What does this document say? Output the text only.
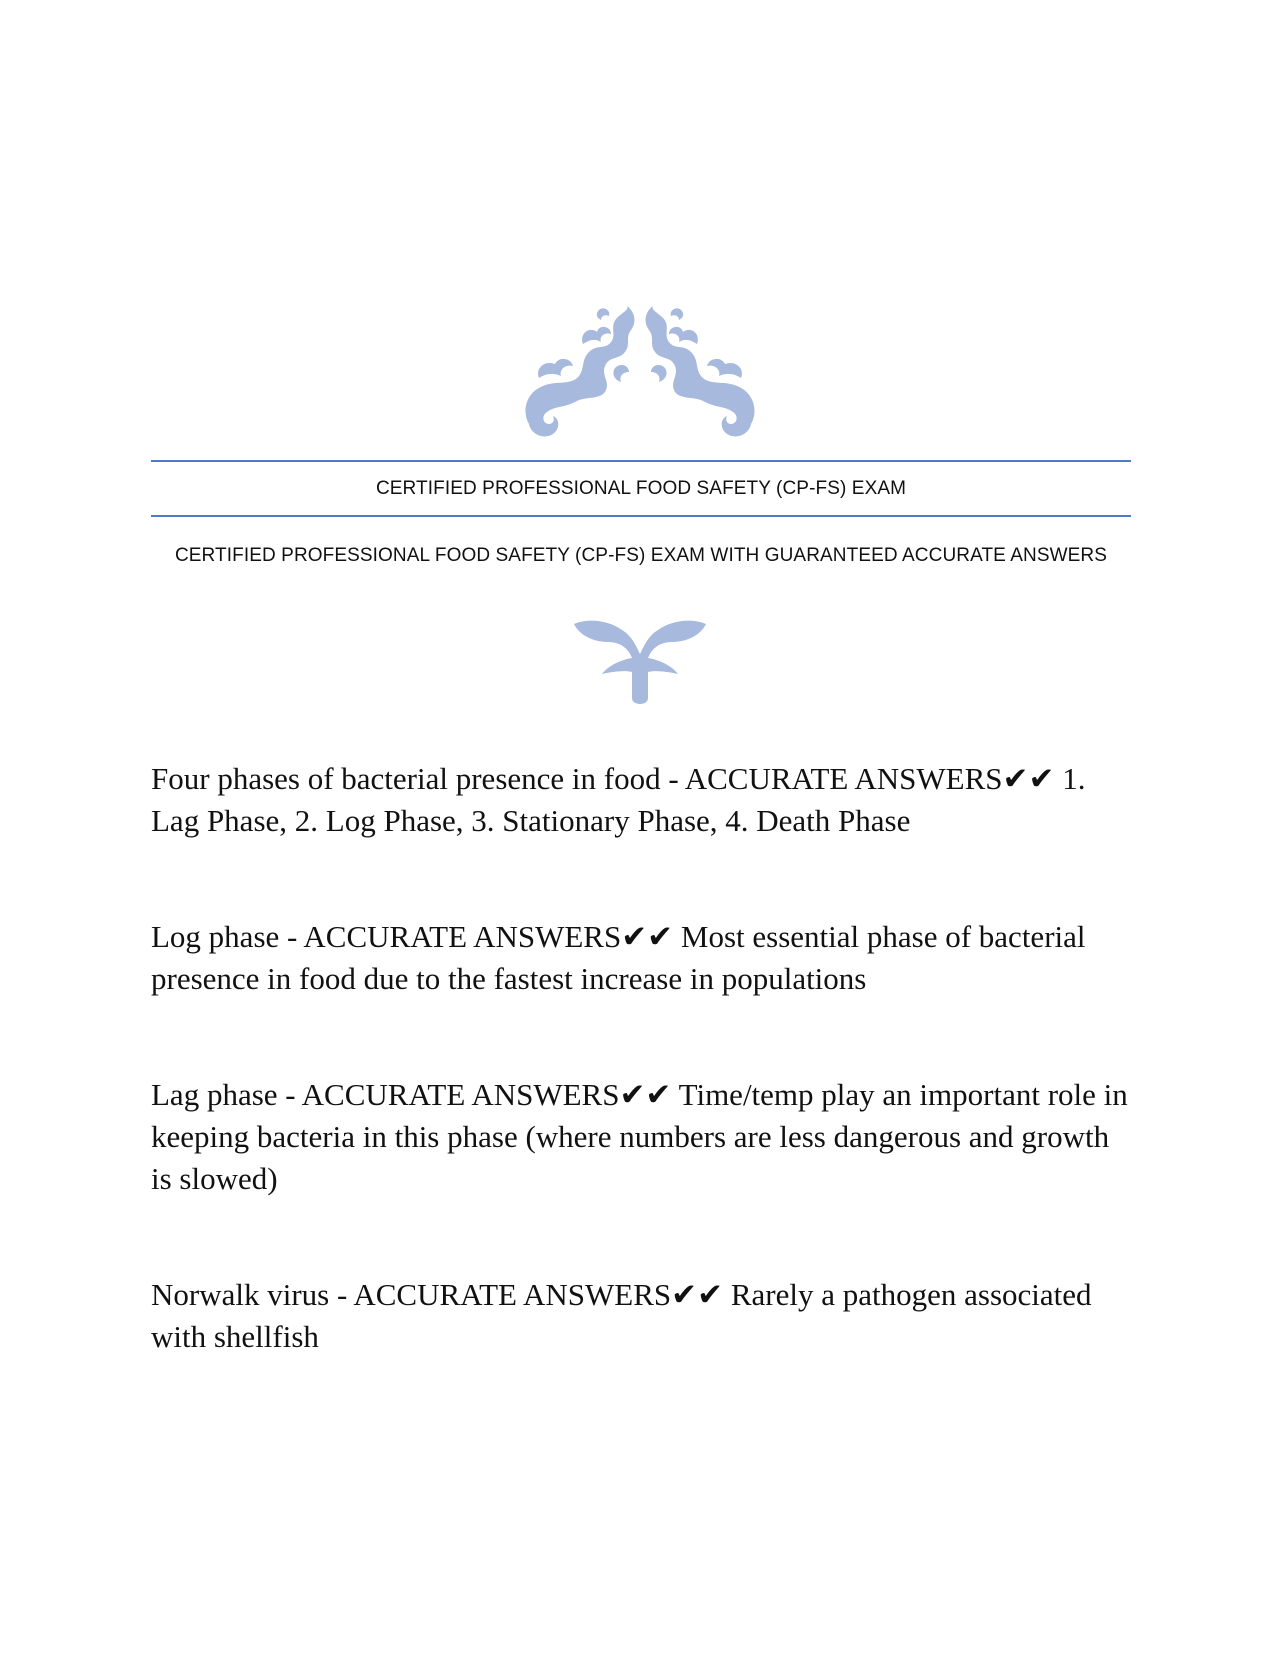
CERTIFIED PROFESSIONAL FOOD SAFETY (CP-FS) EXAM
CERTIFIED PROFESSIONAL FOOD SAFETY (CP-FS) EXAM WITH GUARANTEED ACCURATE ANSWERS

Four phases of bacterial presence in food - ACCURATE ANSWERS✔✔ 1. Lag Phase, 2. Log Phase, 3. Stationary Phase, 4. Death Phase

Log phase - ACCURATE ANSWERS✔✔ Most essential phase of bacterial presence in food due to the fastest increase in populations

Lag phase - ACCURATE ANSWERS✔✔ Time/temp play an important role in keeping bacteria in this phase (where numbers are less dangerous and growth is slowed)

Norwalk virus - ACCURATE ANSWERS✔✔ Rarely a pathogen associated with shellfish
